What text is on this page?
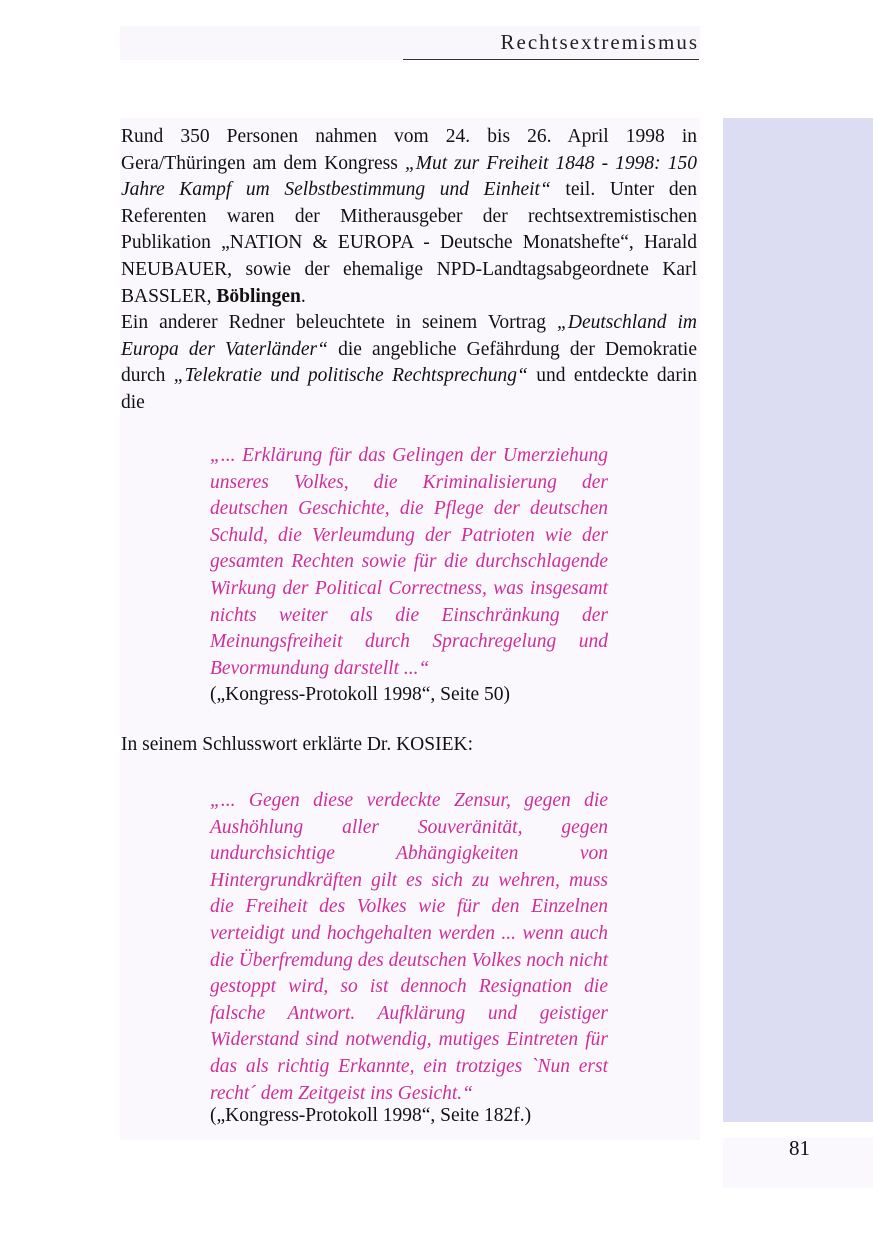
Rechtsextremismus
81

Rund 350 Personen nahmen vom 24. bis 26. April 1998 in Gera/Thüringen am dem Kongress „Mut zur Freiheit 1848 - 1998: 150 Jahre Kampf um Selbstbestimmung und Einheit“ teil. Unter den Referenten waren der Mitherausgeber der rechtsextremistischen Publikation „NATION & EUROPA - Deutsche Monatshefte“, Harald NEUBAUER, sowie der ehemalige NPD-Landtagsabgeordnete Karl BASSLER, Böblingen.

Ein anderer Redner beleuchtete in seinem Vortrag „Deutschland im Europa der Vaterländer“ die angebliche Gefährdung der Demokratie durch „Telekratie und politische Rechtsprechung“ und entdeckte darin die

„... Erklärung für das Gelingen der Umerziehung unseres Volkes, die Kriminalisierung der deutschen Geschichte, die Pflege der deutschen Schuld, die Verleumdung der Patrioten wie der gesamten Rechten sowie für die durchschlagende Wirkung der Political Correctness, was insgesamt nichts weiter als die Einschränkung der Meinungsfreiheit durch Sprachregelung und Bevormundung darstellt ...“
(„Kongress-Protokoll 1998“, Seite 50)

In seinem Schlusswort erklärte Dr. KOSIEK:

„... Gegen diese verdeckte Zensur, gegen die Aushöhlung aller Souveränität, gegen undurchsichtige Abhängigkeiten von Hintergrundkräften gilt es sich zu wehren, muss die Freiheit des Volkes wie für den Einzelnen verteidigt und hochgehalten werden ... wenn auch die Überfremdung des deutschen Volkes noch nicht gestoppt wird, so ist dennoch Resignation die falsche Antwort. Aufklärung und geistiger Widerstand sind notwendig, mutiges Eintreten für das als richtig Erkannte, ein trotziges `Nun erst recht´ dem Zeitgeist ins Gesicht.“
(„Kongress-Protokoll 1998“, Seite 182f.)
